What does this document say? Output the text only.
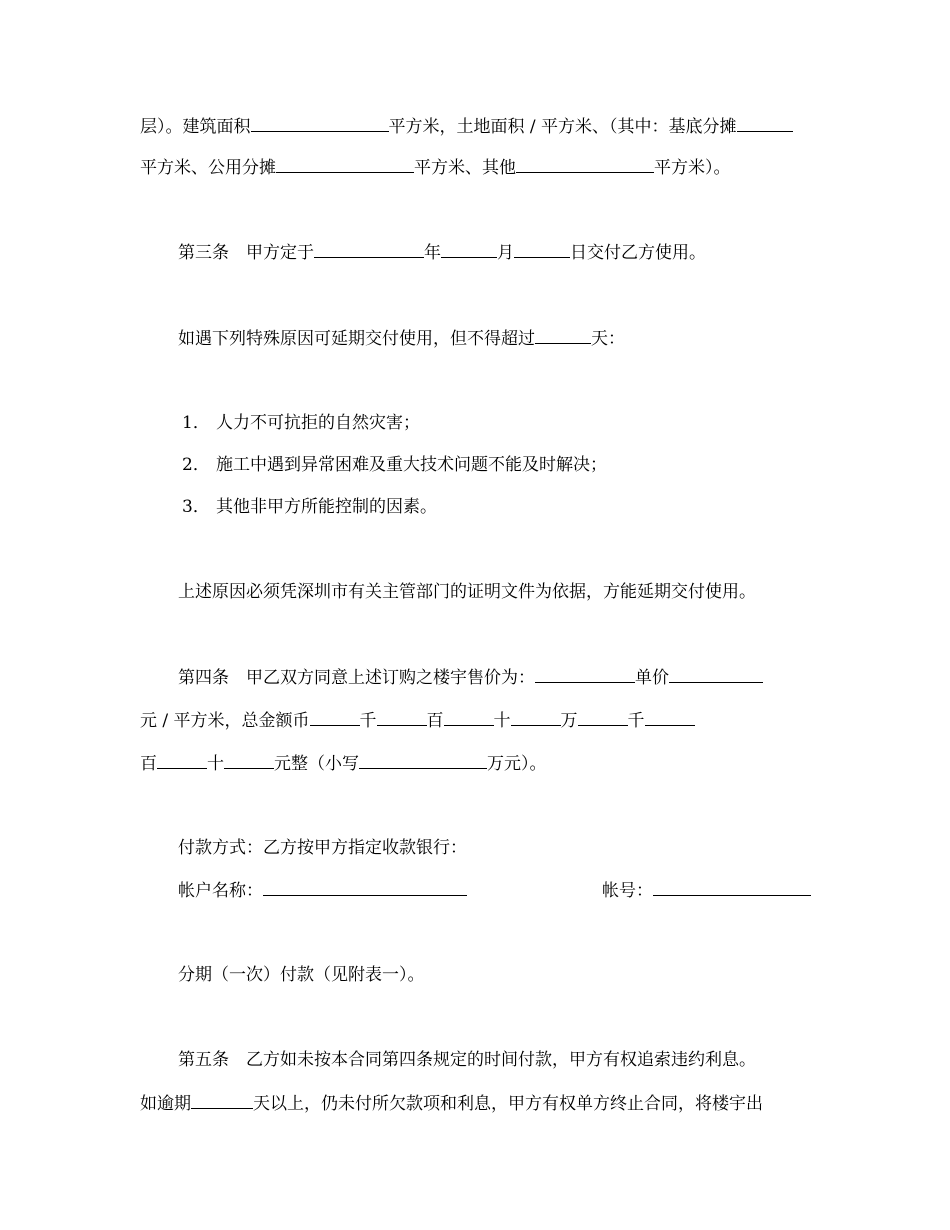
层）。建筑面积	平方米，土地面积 / 平方米、（其中：基底分摊
平方米、公用分摊	平方米、其他	平方米）。
第三条　甲方定于	年	月	日交付乙方使用。
如遇下列特殊原因可延期交付使用，但不得超过	天：
1． 人力不可抗拒的自然灾害；
2． 施工中遇到异常困难及重大技术问题不能及时解决；
3． 其他非甲方所能控制的因素。
上述原因必须凭深圳市有关主管部门的证明文件为依据，方能延期交付使用。
第四条　甲乙双方同意上述订购之楼宇售价为：	单价
元 / 平方米，总金额币	千	百	十	万	千
百	十	元整（小写	万元）。
付款方式：乙方按甲方指定收款银行：
帐户名称：	帐号：
分期（一次）付款（见附表一）。
第五条　乙方如未按本合同第四条规定的时间付款，甲方有权追索违约利息。
如逾期	天以上，仍未付所欠款项和利息，甲方有权单方终止合同，将楼宇出
